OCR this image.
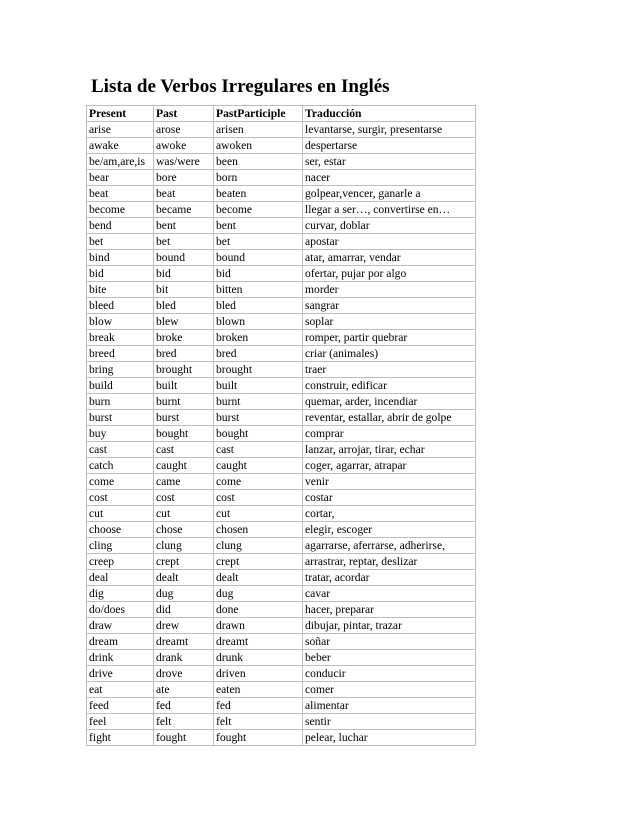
Lista de Verbos Irregulares en Inglés
Present	Past	PastParticiple	Traducción
arise	arose	arisen	levantarse, surgir, presentarse
awake	awoke	awoken	despertarse
be/am,are,is	was/were	been	ser, estar
bear	bore	born	nacer
beat	beat	beaten	golpear,vencer, ganarle a
become	became	become	llegar a ser…, convertirse en…
bend	bent	bent	curvar, doblar
bet	bet	bet	apostar
bind	bound	bound	atar, amarrar, vendar
bid	bid	bid	ofertar, pujar por algo
bite	bit	bitten	morder
bleed	bled	bled	sangrar
blow	blew	blown	soplar
break	broke	broken	romper, partir quebrar
breed	bred	bred	criar (animales)
bring	brought	brought	traer
build	built	built	construir, edificar
burn	burnt	burnt	quemar, arder, incendiar
burst	burst	burst	reventar, estallar, abrir de golpe
buy	bought	bought	comprar
cast	cast	cast	lanzar, arrojar, tirar, echar
catch	caught	caught	coger, agarrar, atrapar
come	came	come	venir
cost	cost	cost	costar
cut	cut	cut	cortar,
choose	chose	chosen	elegir, escoger
cling	clung	clung	agarrarse, aferrarse, adherirse,
creep	crept	crept	arrastrar, reptar, deslizar
deal	dealt	dealt	tratar, acordar
dig	dug	dug	cavar
do/does	did	done	hacer, preparar
draw	drew	drawn	dibujar, pintar, trazar
dream	dreamt	dreamt	soñar
drink	drank	drunk	beber
drive	drove	driven	conducir
eat	ate	eaten	comer
feed	fed	fed	alimentar
feel	felt	felt	sentir
fight	fought	fought	pelear, luchar
